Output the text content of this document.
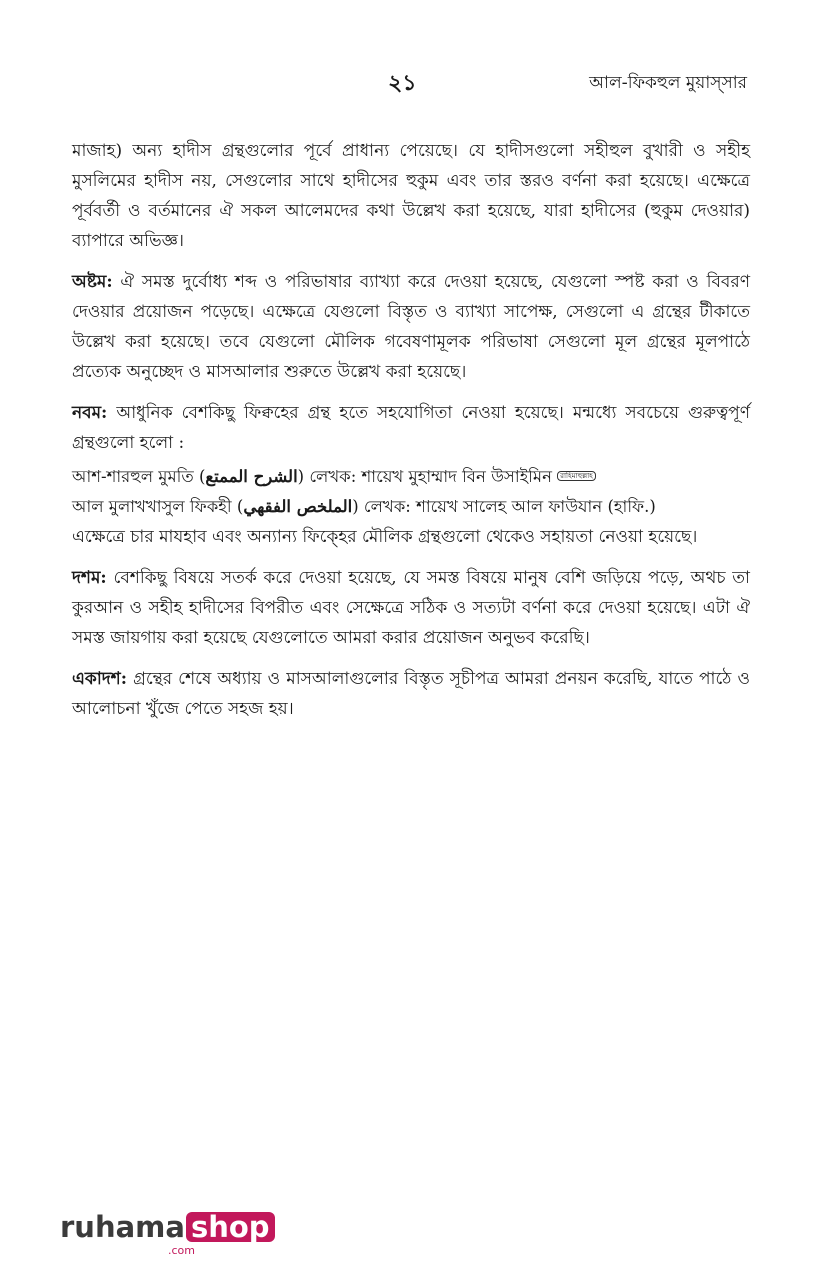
২১	আল-ফিকহুল মুয়াস্সার

মাজাহ) অন্য হাদীস গ্রন্থগুলোর পূর্বে প্রাধান্য পেয়েছে। যে হাদীসগুলো সহীহুল বুখারী ও সহীহ মুসলিমের হাদীস নয়, সেগুলোর সাথে হাদীসের হুকুম এবং তার স্তরও বর্ণনা করা হয়েছে। এক্ষেত্রে পূর্ববর্তী ও বর্তমানের ঐ সকল আলেমদের কথা উল্লেখ করা হয়েছে, যারা হাদীসের (হুকুম দেওয়ার) ব্যাপারে অভিজ্ঞ।

অষ্টম: ঐ সমস্ত দুর্বোধ্য শব্দ ও পরিভাষার ব্যাখ্যা করে দেওয়া হয়েছে, যেগুলো স্পষ্ট করা ও বিবরণ দেওয়ার প্রয়োজন পড়েছে। এক্ষেত্রে যেগুলো বিস্তৃত ও ব্যাখ্যা সাপেক্ষ, সেগুলো এ গ্রন্থের টীকাতে উল্লেখ করা হয়েছে। তবে যেগুলো মৌলিক গবেষণামূলক পরিভাষা সেগুলো মূল গ্রন্থের মূলপাঠে প্রত্যেক অনুচ্ছেদ ও মাসআলার শুরুতে উল্লেখ করা হয়েছে।

নবম: আধুনিক বেশকিছু ফিক্বহের গ্রন্থ হতে সহযোগিতা নেওয়া হয়েছে। মন্মধ্যে সবচেয়ে গুরুত্বপূর্ণ গ্রন্থগুলো হলো :

আশ-শারহুল মুমতি (الشرح الممتع) লেখক: শায়েখ মুহাম্মাদ বিন উসাইমিন রাহিমাহুল্লাহ

আল মুলাখখাসুল ফিকহী (الملخص الفقهي) লেখক: শায়েখ সালেহ আল ফাউযান (হাফি.)

এক্ষেত্রে চার মাযহাব এবং অন্যান্য ফিক্হের মৌলিক গ্রন্থগুলো থেকেও সহায়তা নেওয়া হয়েছে।

দশম: বেশকিছু বিষয়ে সতর্ক করে দেওয়া হয়েছে, যে সমস্ত বিষয়ে মানুষ বেশি জড়িয়ে পড়ে, অথচ তা কুরআন ও সহীহ হাদীসের বিপরীত এবং সেক্ষেত্রে সঠিক ও সত্যটা বর্ণনা করে দেওয়া হয়েছে। এটা ঐ সমস্ত জায়গায় করা হয়েছে যেগুলোতে আমরা করার প্রয়োজন অনুভব করেছি।

একাদশ: গ্রন্থের শেষে অধ্যায় ও মাসআলাগুলোর বিস্তৃত সূচীপত্র আমরা প্রনয়ন করেছি, যাতে পাঠে ও আলোচনা খুঁজে পেতে সহজ হয়।

ruhama shop
.com
